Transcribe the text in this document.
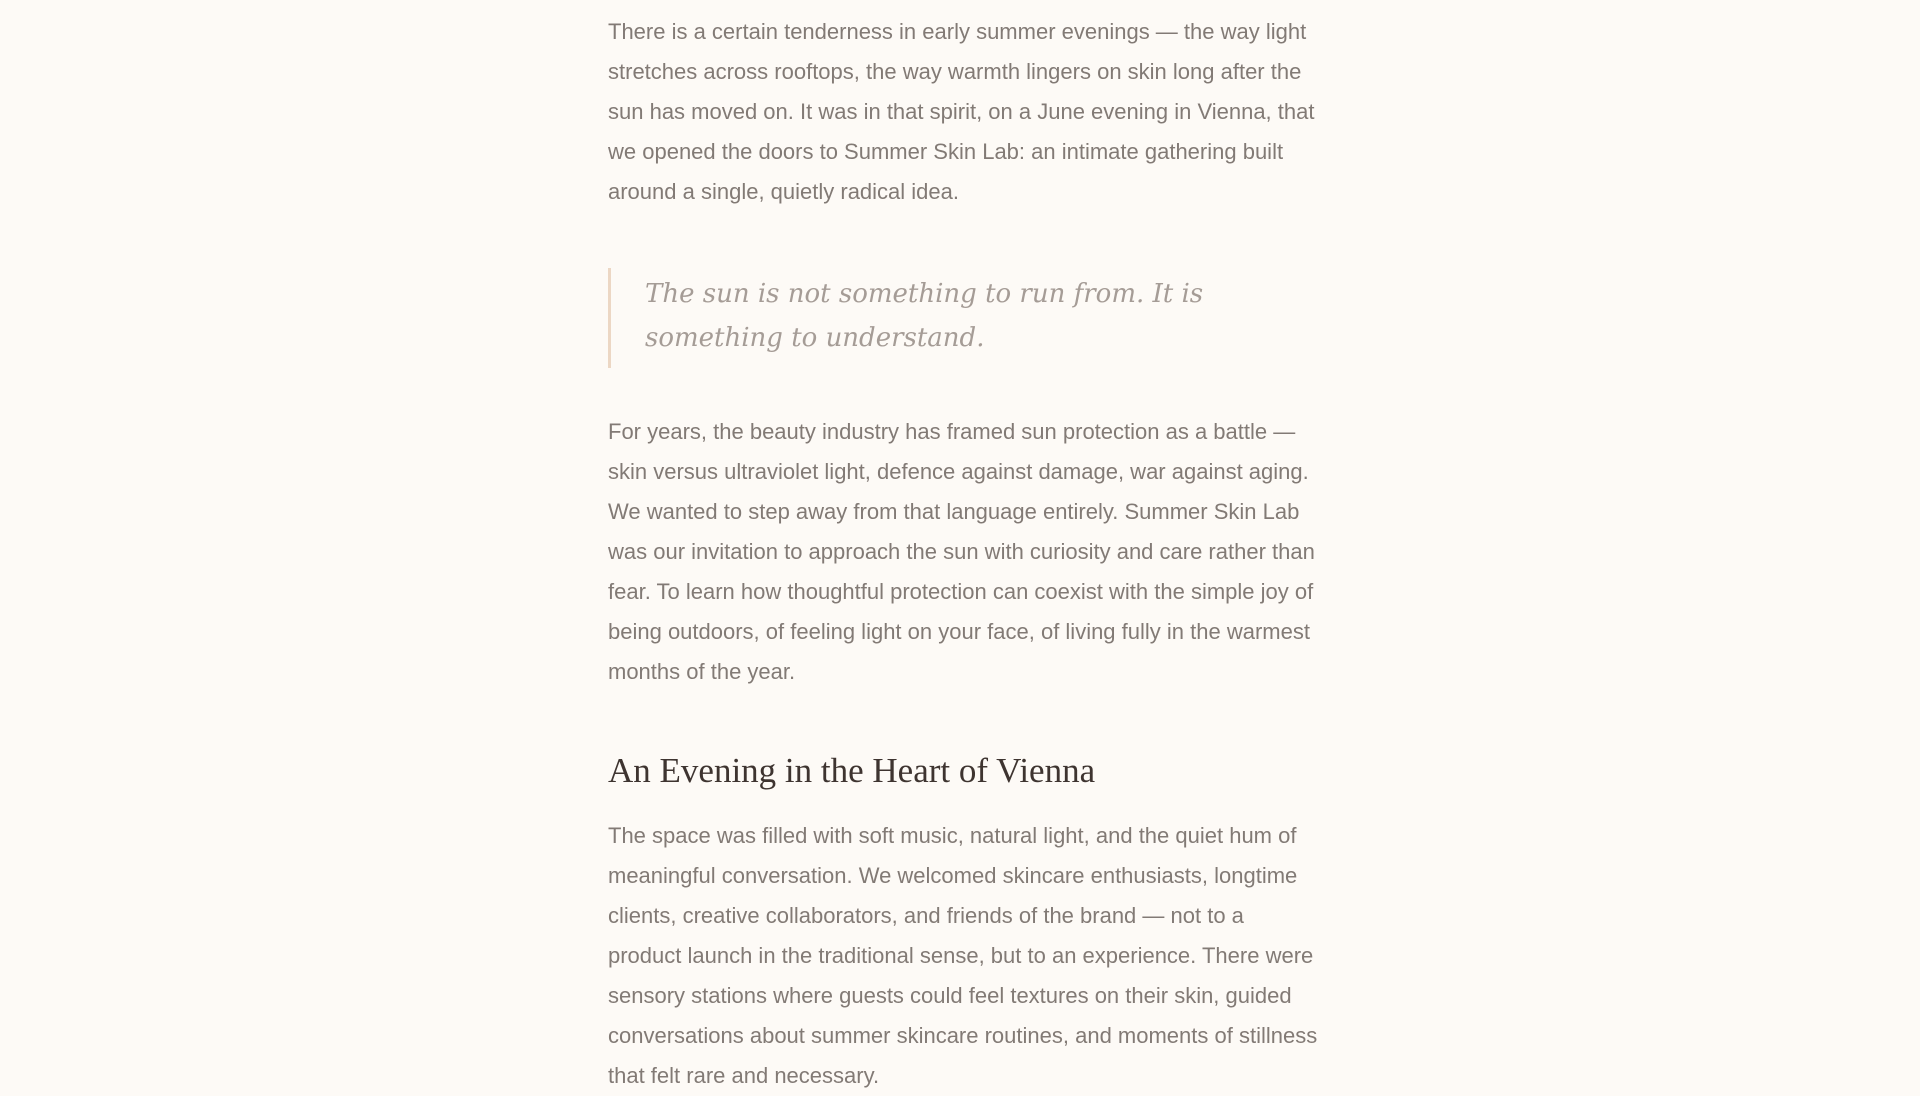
There is a certain tenderness in early summer evenings — the way light stretches across rooftops, the way warmth lingers on skin long after the sun has moved on. It was in that spirit, on a June evening in Vienna, that we opened the doors to Summer Skin Lab: an intimate gathering built around a single, quietly radical idea.

The sun is not something to run from. It is something to understand.

For years, the beauty industry has framed sun protection as a battle — skin versus ultraviolet light, defence against damage, war against aging. We wanted to step away from that language entirely. Summer Skin Lab was our invitation to approach the sun with curiosity and care rather than fear. To learn how thoughtful protection can coexist with the simple joy of being outdoors, of feeling light on your face, of living fully in the warmest months of the year.

An Evening in the Heart of Vienna

The space was filled with soft music, natural light, and the quiet hum of meaningful conversation. We welcomed skincare enthusiasts, longtime clients, creative collaborators, and friends of the brand — not to a product launch in the traditional sense, but to an experience. There were sensory stations where guests could feel textures on their skin, guided conversations about summer skincare routines, and moments of stillness that felt rare and necessary.
